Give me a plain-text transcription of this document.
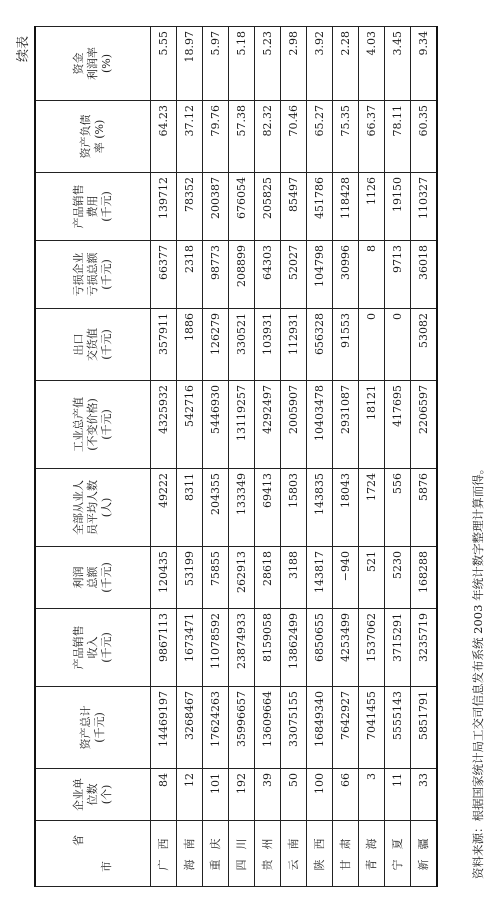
续表
省
市	企业单 位数 (个)	资产总计 (千元)	产品销售 收入 (千元)	利润 总额 (千元)	全部从业人 员平均人数 (人)	工业总产值 (不变价格) (千元)	出口 交货值 (千元)	亏损企业 亏损总额 (千元)	产品销售 费用 (千元)	资产负债 率 (%)	资金 利润率 (%)

广西	84	14469197	9867113	120435	49222	4325932	357911	66377	139712	64.23	5.55
海南	12	3268467	1673471	53199	8311	542716	1886	2318	78352	37.12	18.97
重庆	101	17624263	11078592	75855	204355	5446930	126279	98773	200387	79.76	5.97
四川	192	35996657	23874933	262913	133349	13119257	330521	208899	676054	57.38	5.18
贵州	39	13609664	8159058	28618	69413	4292497	103931	64303	205825	82.32	5.23
云南	50	33075155	13862499	3188	15803	2005907	112931	52027	85497	70.46	2.98
陕西	100	16849340	6850655	143817	143835	10403478	656328	104798	451786	65.27	3.92
甘肃	66	7642927	4253499	−940	18043	2931087	91553	30996	118428	75.35	2.28
青海	3	7041455	1537062	521	1724	18121	0	8	1126	66.37	4.03
宁夏	11	5555143	3715291	5230	556	417695	0	9713	19150	78.11	3.45
新疆	33	5851791	3235719	168288	5876	2206597	53082	36018	110327	60.35	9.34
资料来源：根据国家统计局工交司信息发布系统 2003 年统计数字整理计算而得。
